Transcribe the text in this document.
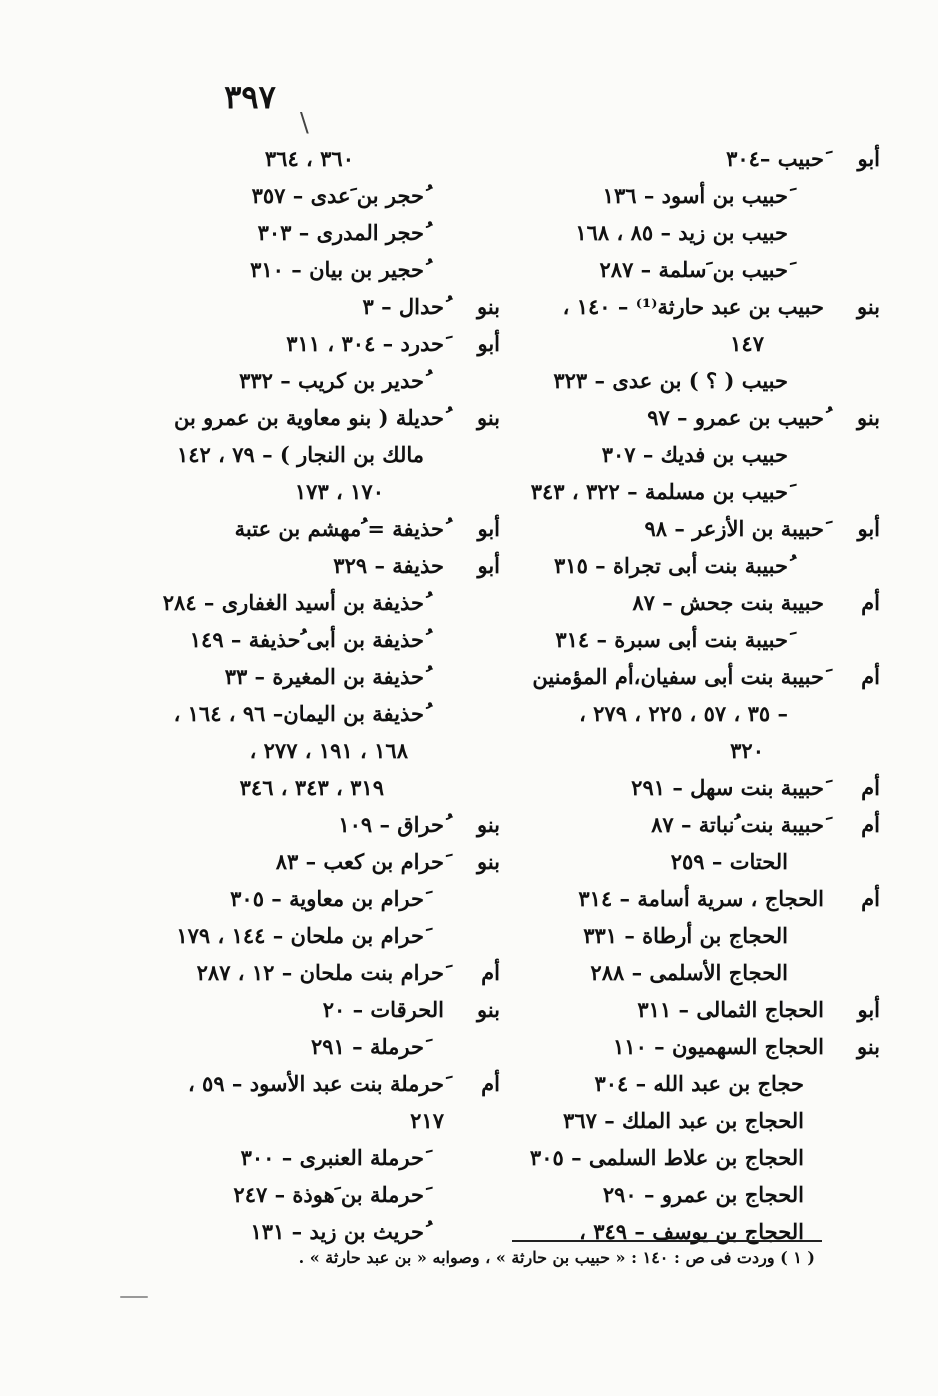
٣٩٧
\
أبو
َحبيب –٣٠٤
َحبيب بن أسود – ١٣٦
حبيب بن زيد – ٨٥ ، ١٦٨
َحبيب بن َسلمة – ٢٨٧
بنو
حبيب بن عبد حارثة⁽¹⁾ – ١٤٠ ،
١٤٧
حبيب ( ؟ ) بن عدى – ٣٢٣
بنو
ُحبيب بن عمرو – ٩٧
حبيب بن فديك – ٣٠٧
َحبيب بن مسلمة – ٣٢٢ ، ٣٤٣
أبو
َحبيبة بن الأزعر – ٩٨
ُحبيبة بنت أبى تجراة – ٣١٥
أم
حبيبة بنت جحش – ٨٧
َحبيبة بنت أبى سبرة – ٣١٤
أم
َحبيبة بنت أبى سفيان،أم المؤمنين
– ٣٥ ، ٥٧ ، ٢٢٥ ، ٢٧٩ ،
٣٢٠
أم
َحبيبة بنت سهل – ٢٩١
أم
َحبيبة بنت ُنباتة – ٨٧
الحتات – ٢٥٩
أم
الحجاج ، سرية أسامة – ٣١٤
الحجاج بن أرطاة – ٣٣١
الحجاج الأسلمى – ٢٨٨
أبو
الحجاج الثمالى – ٣١١
بنو
الحجاج السهميون – ١١٠
حجاج بن عبد الله – ٣٠٤
الحجاج بن عبد الملك – ٣٦٧
الحجاج بن علاط السلمى – ٣٠٥
الحجاج بن عمرو – ٢٩٠
الحجاج بن يوسف – ٣٤٩ ،
٣٦٠ ، ٣٦٤
ُحجر بن َعدى – ٣٥٧
ُحجر المدرى – ٣٠٣
ُحجير بن بيان – ٣١٠
بنو
ُحدال – ٣
أبو
َحدرد – ٣٠٤ ، ٣١١
ُحدير بن كريب – ٣٣٢
بنو
ُحديلة ( بنو معاوية بن عمرو بن
مالك بن النجار ) – ٧٩ ، ١٤٢
١٧٠ ، ١٧٣
أبو
ُحذيفة = ُمهشم بن عتبة
أبو
حذيفة – ٣٢٩
ُحذيفة بن أسيد الغفارى – ٢٨٤
ُحذيفة بن أبى ُحذيفة – ١٤٩
ُحذيفة بن المغيرة – ٣٣
ُحذيفة بن اليمان– ٩٦ ، ١٦٤ ،
١٦٨ ، ١٩١ ، ٢٧٧ ،
٣١٩ ، ٣٤٣ ، ٣٤٦
بنو
ُحراق – ١٠٩
بنو
َحرام بن كعب – ٨٣
َحرام بن معاوية – ٣٠٥
َحرام بن ملحان – ١٤٤ ، ١٧٩
أم
َحرام بنت ملحان – ١٢ ، ٢٨٧
بنو
الحرقات – ٢٠
َحرملة – ٢٩١
أم
َحرملة بنت عبد الأسود – ٥٩ ،
٢١٧
َحرملة العنبرى – ٣٠٠
َحرملة بن َهوذة – ٢٤٧
ُحريث بن زيد – ١٣١
( ١ ) وردت فى ص : ١٤٠ : « حبيب بن حارثة » ، وصوابه « بن عبد حارثة » .
